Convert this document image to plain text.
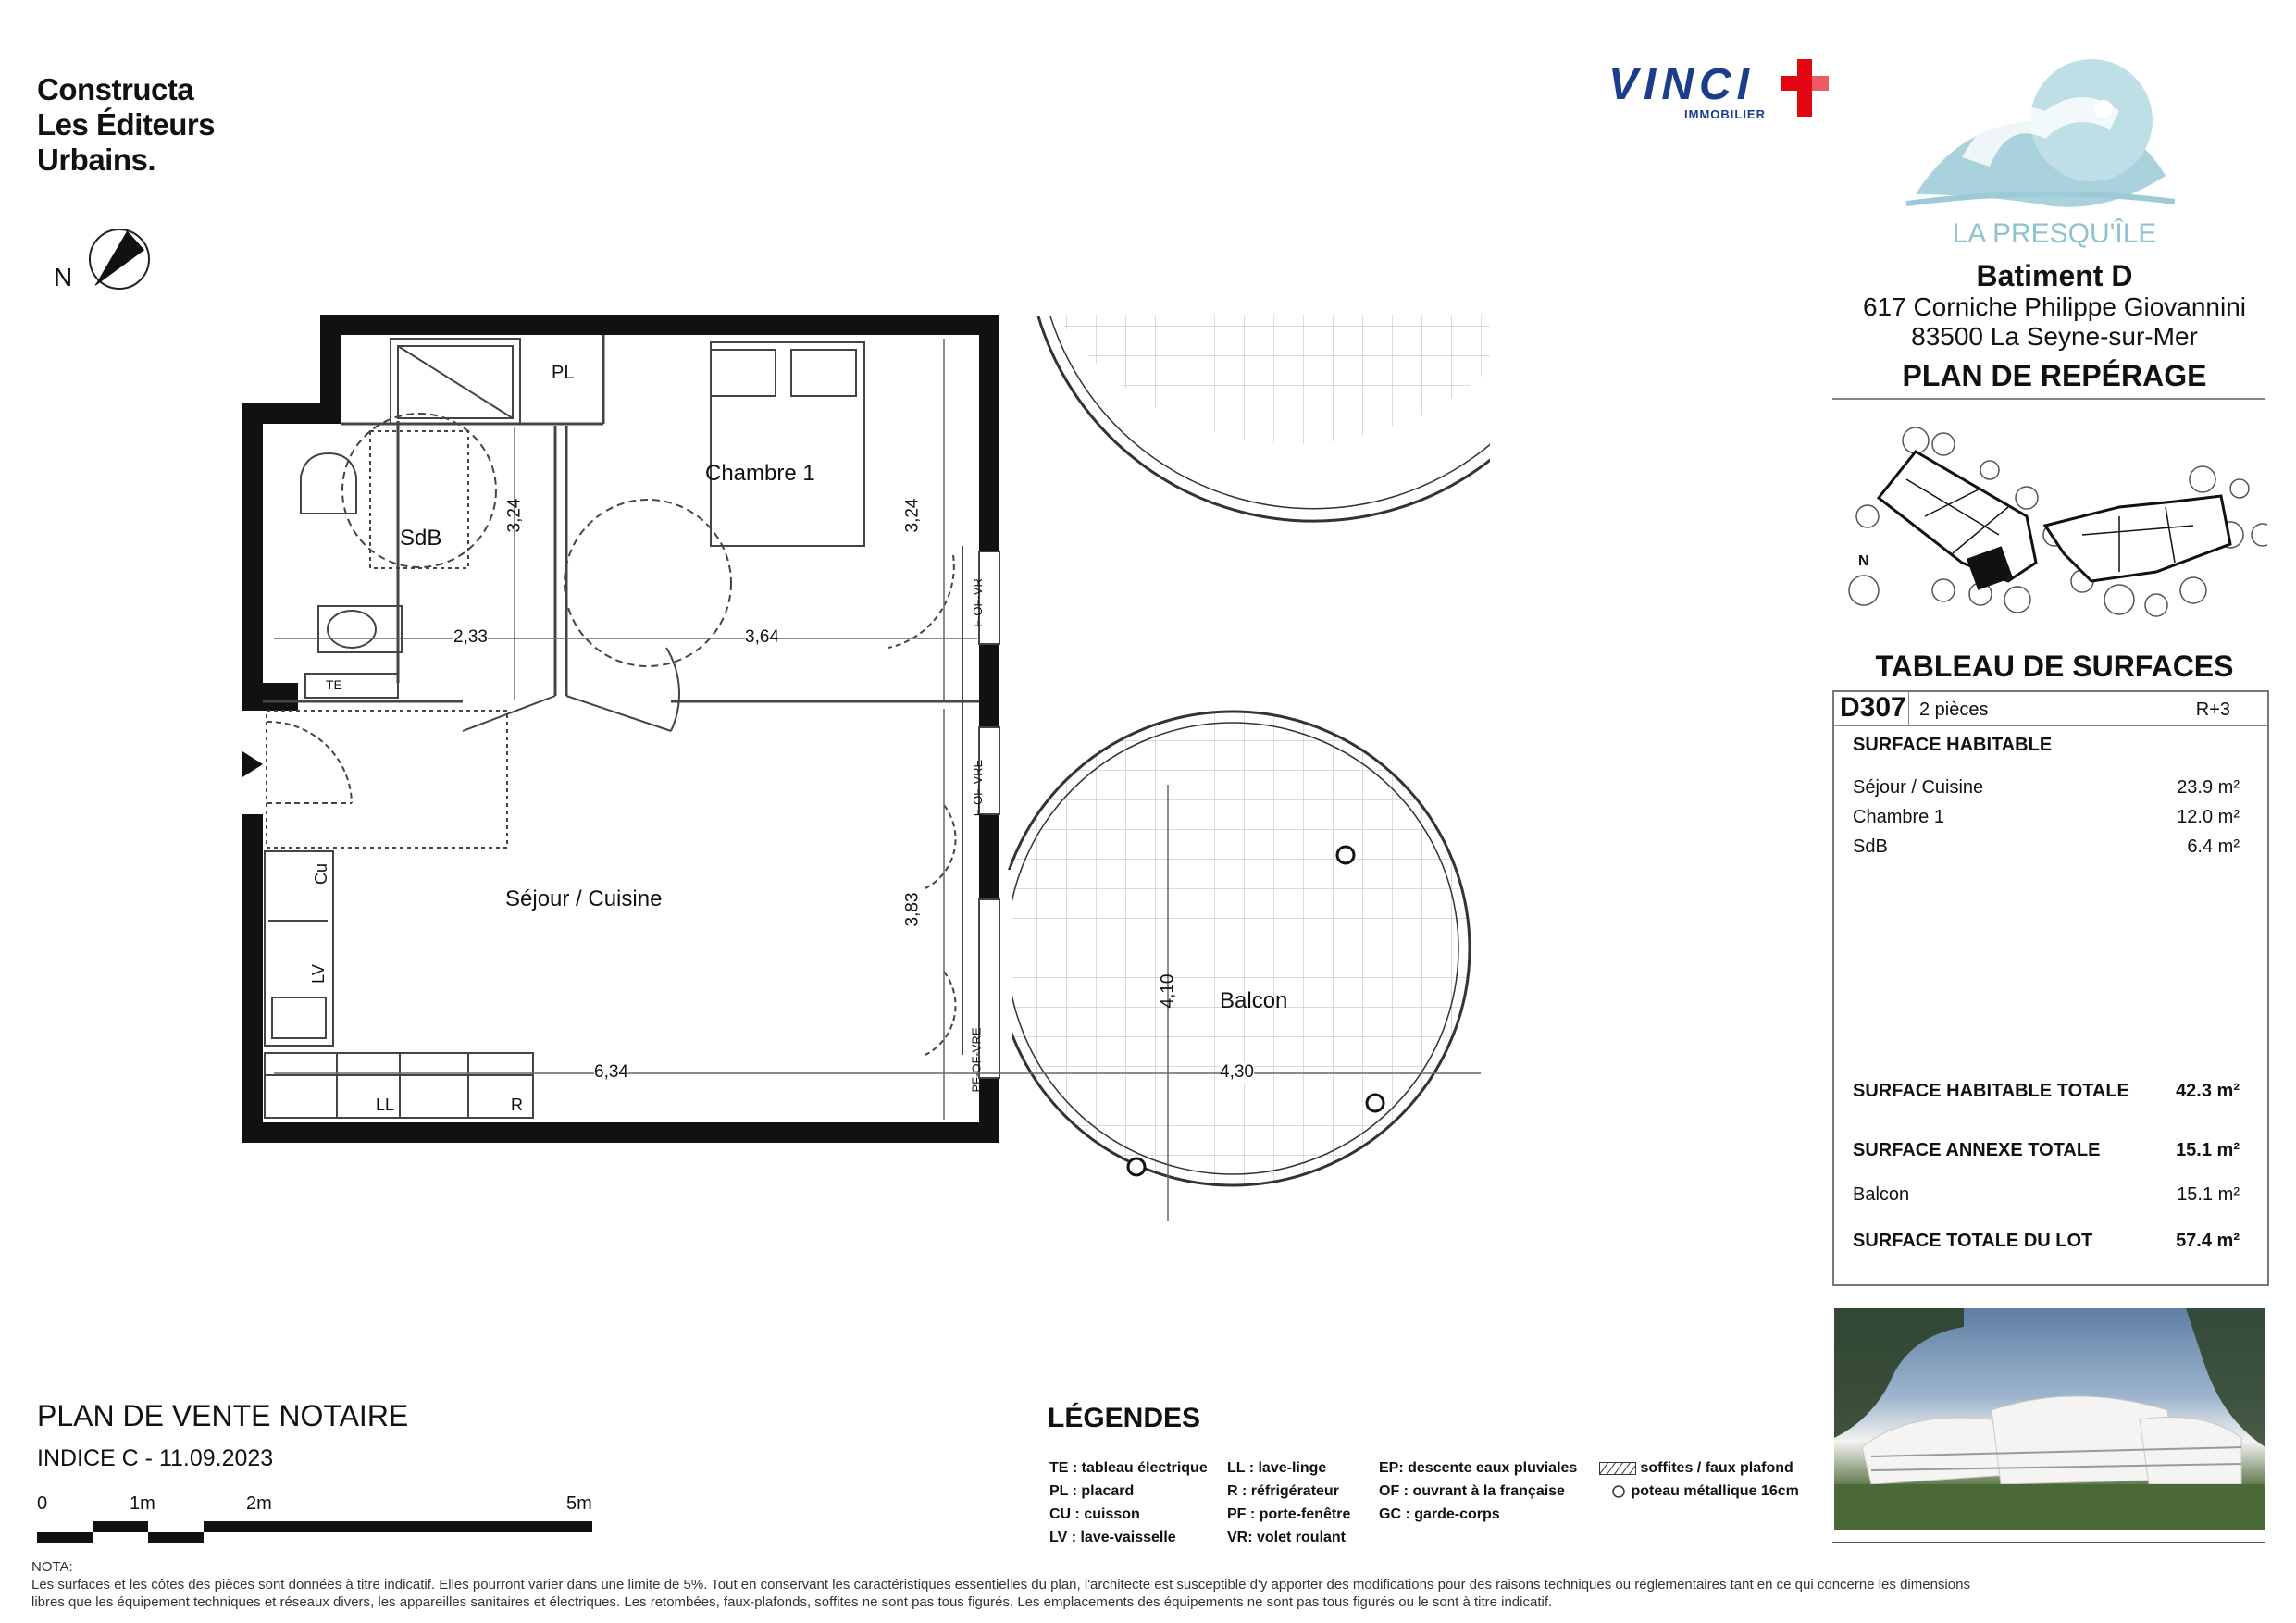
Constructa
Les Éditeurs
Urbains.
VINCI
IMMOBILIER
LA PRESQU'ÎLE
N
Chambre 1
SdB
Séjour / Cuisine
Balcon
PL
TE
Cu
LV
LL	R
F-OF-VR
F-OF-VRE
PF-OF-VRE
2,33	3,64
3,24	3,24
6,34
3,83
4,30
4,10
Batiment D
617 Corniche Philippe Giovannini
83500 La Seyne-sur-Mer
PLAN DE REPÉRAGE
N
TABLEAU DE SURFACES
D307 2 pièces	R+3
SURFACE HABITABLE
Séjour / Cuisine	23.9 m²
Chambre 1	12.0 m²
SdB	6.4 m²
SURFACE HABITABLE TOTALE	42.3 m²
SURFACE ANNEXE TOTALE	15.1 m²
Balcon	15.1 m²
SURFACE TOTALE DU LOT	57.4 m²
PLAN DE VENTE NOTAIRE
INDICE C - 11.09.2023
0	1m	2m	5m
LÉGENDES
TE : tableau électrique
PL : placard
CU : cuisson
LV : lave-vaisselle
LL : lave-linge
R : réfrigérateur
PF : porte-fenêtre
VR: volet roulant
EP: descente eaux pluviales
OF : ouvrant à la française
GC : garde-corps
soffites / faux plafond
poteau métallique 16cm
NOTA:
Les surfaces et les côtes des pièces sont données à titre indicatif. Elles pourront varier dans une limite de 5%. Tout en conservant les caractéristiques essentielles du plan, l'architecte est susceptible d'y apporter des modifications pour des raisons techniques ou réglementaires tant en ce qui concerne les dimensions
libres que les équipement techniques et réseaux divers, les appareilles sanitaires et électriques. Les retombées, faux-plafonds, soffites ne sont pas tous figurés. Les emplacements des équipements ne sont pas tous figurés ou le sont à titre indicatif.
